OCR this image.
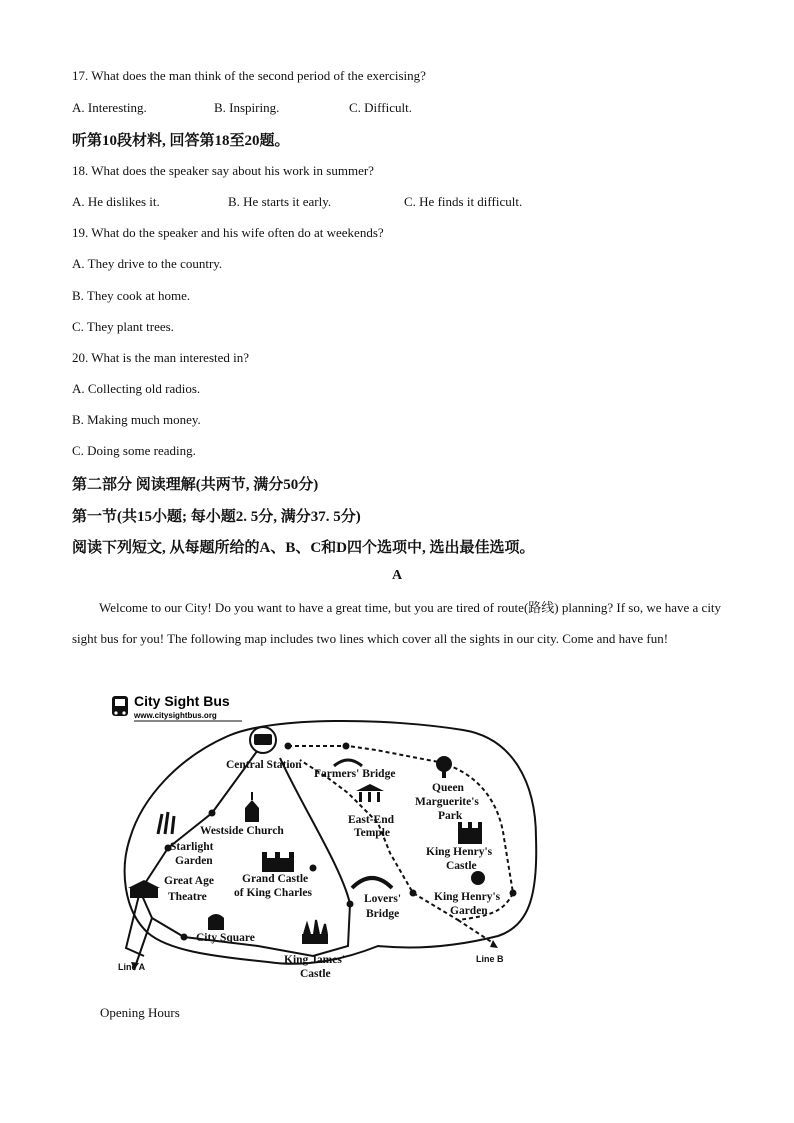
17. What does the man think of the second period of the exercising?
A. Interesting.	B. Inspiring.	C. Difficult.
听第10段材料, 回答第18至20题。
18. What does the speaker say about his work in summer?
A. He dislikes it.	B. He starts it early.	C. He finds it difficult.
19. What do the speaker and his wife often do at weekends?
A. They drive to the country.
B. They cook at home.
C. They plant trees.
20. What is the man interested in?
A. Collecting old radios.
B. Making much money.
C. Doing some reading.
第二部分 阅读理解(共两节, 满分50分)
第一节(共15小题; 每小题2. 5分, 满分37. 5分)
阅读下列短文, 从每题所给的A、B、C和D四个选项中, 选出最佳选项。
A
Welcome to our City! Do you want to have a great time, but you are tired of route(路线) planning? If so, we have a city sight bus for you! The following map includes two lines which cover all the sights in our city. Come and have fun!
City Sight Bus
www.citysightbus.org
Central Station
Farmers' Bridge
Queen
Marguerite's
Park
East-End
Temple
Westside Church
Starlight
Garden
King Henry's
Castle
Great Age
Theatre
Grand Castle
of King Charles	Lovers'
Bridge
King Henry's
Garden
City Square
King James'
Castle
Line A
Line B
Opening Hours
